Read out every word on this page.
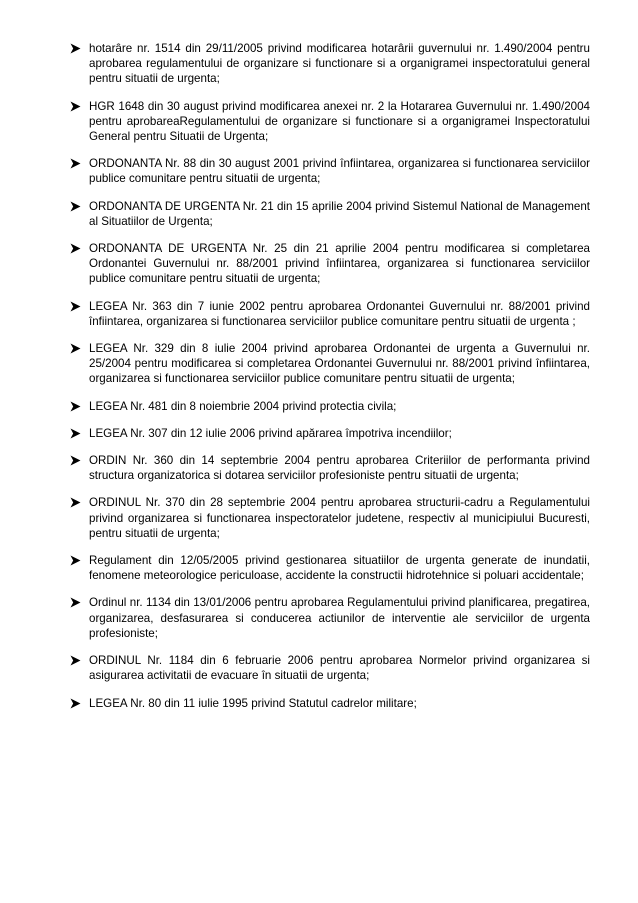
hotarâre nr. 1514 din 29/11/2005 privind modificarea hotarârii guvernului nr. 1.490/2004 pentru aprobarea regulamentului de organizare si functionare si a organigramei inspectoratului general pentru situatii de urgenta;
HGR 1648 din 30 august privind modificarea anexei nr. 2 la Hotararea Guvernului nr. 1.490/2004 pentru aprobareaRegulamentului de organizare si functionare si a organigramei Inspectoratului General pentru Situatii de Urgenta;
ORDONANTA Nr. 88 din 30 august 2001 privind înfiintarea, organizarea si functionarea serviciilor publice comunitare pentru situatii de urgenta;
ORDONANTA DE URGENTA Nr. 21 din 15 aprilie 2004 privind Sistemul National de Management al Situatiilor de Urgenta;
ORDONANTA DE URGENTA Nr. 25 din 21 aprilie 2004 pentru modificarea si completarea Ordonantei Guvernului nr. 88/2001 privind înfiintarea, organizarea si functionarea serviciilor publice comunitare pentru situatii de urgenta;
LEGEA Nr. 363 din 7 iunie 2002 pentru aprobarea Ordonantei Guvernului nr. 88/2001 privind înfiintarea, organizarea si functionarea serviciilor publice comunitare pentru situatii de urgenta ;
LEGEA Nr. 329 din 8 iulie 2004 privind aprobarea Ordonantei de urgenta a Guvernului nr. 25/2004 pentru modificarea si completarea Ordonantei Guvernului nr. 88/2001 privind înfiintarea, organizarea si functionarea serviciilor publice comunitare pentru situatii de urgenta;
LEGEA Nr. 481 din 8 noiembrie 2004 privind protectia civila;
LEGEA Nr. 307 din 12 iulie 2006 privind apărarea împotriva incendiilor;
ORDIN Nr. 360 din 14 septembrie 2004 pentru aprobarea Criteriilor de performanta privind structura organizatorica si dotarea serviciilor profesioniste pentru situatii de urgenta;
ORDINUL Nr. 370 din 28 septembrie 2004 pentru aprobarea structurii-cadru a Regulamentului privind organizarea si functionarea inspectoratelor judetene, respectiv al municipiului Bucuresti, pentru situatii de urgenta;
Regulament din 12/05/2005 privind gestionarea situatiilor de urgenta generate de inundatii, fenomene meteorologice periculoase, accidente la constructii hidrotehnice si poluari accidentale;
Ordinul nr. 1134 din 13/01/2006 pentru aprobarea Regulamentului privind planificarea, pregatirea, organizarea, desfasurarea si conducerea actiunilor de interventie ale serviciilor de urgenta profesioniste;
ORDINUL Nr. 1184 din 6 februarie 2006 pentru aprobarea Normelor privind organizarea si asigurarea activitatii de evacuare în situatii de urgenta;
LEGEA Nr. 80 din 11 iulie 1995 privind Statutul cadrelor militare;
